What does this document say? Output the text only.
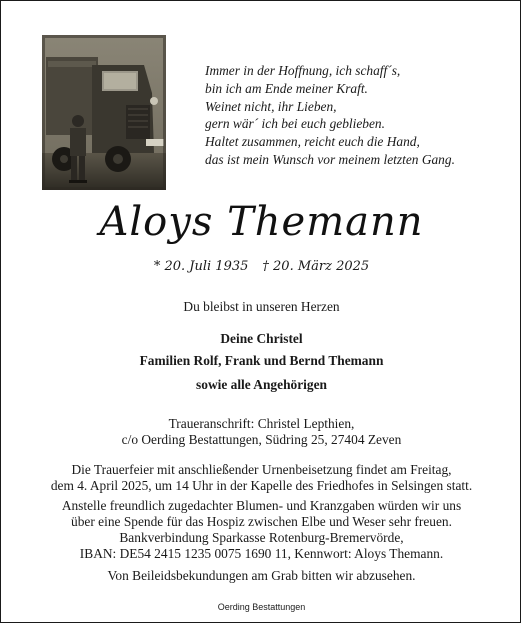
Immer in der Hoffnung, ich schaff´s,
bin ich am Ende meiner Kraft.
Weinet nicht, ihr Lieben,
gern wär´ ich bei euch geblieben.
Haltet zusammen, reicht euch die Hand,
das ist mein Wunsch vor meinem letzten Gang.
Aloys Themann
* 20. Juli 1935 † 20. März 2025
Du bleibst in unseren Herzen
Deine Christel
Familien Rolf, Frank und Bernd Themann
sowie alle Angehörigen
Traueranschrift: Christel Lepthien,
c/o Oerding Bestattungen, Südring 25, 27404 Zeven
Die Trauerfeier mit anschließender Urnenbeisetzung findet am Freitag,
dem 4. April 2025, um 14 Uhr in der Kapelle des Friedhofes in Selsingen statt.
Anstelle freundlich zugedachter Blumen- und Kranzgaben würden wir uns
über eine Spende für das Hospiz zwischen Elbe und Weser sehr freuen.
Bankverbindung Sparkasse Rotenburg-Bremervörde,
IBAN: DE54 2415 1235 0075 1690 11, Kennwort: Aloys Themann.
Von Beileidsbekundungen am Grab bitten wir abzusehen.
Oerding Bestattungen
